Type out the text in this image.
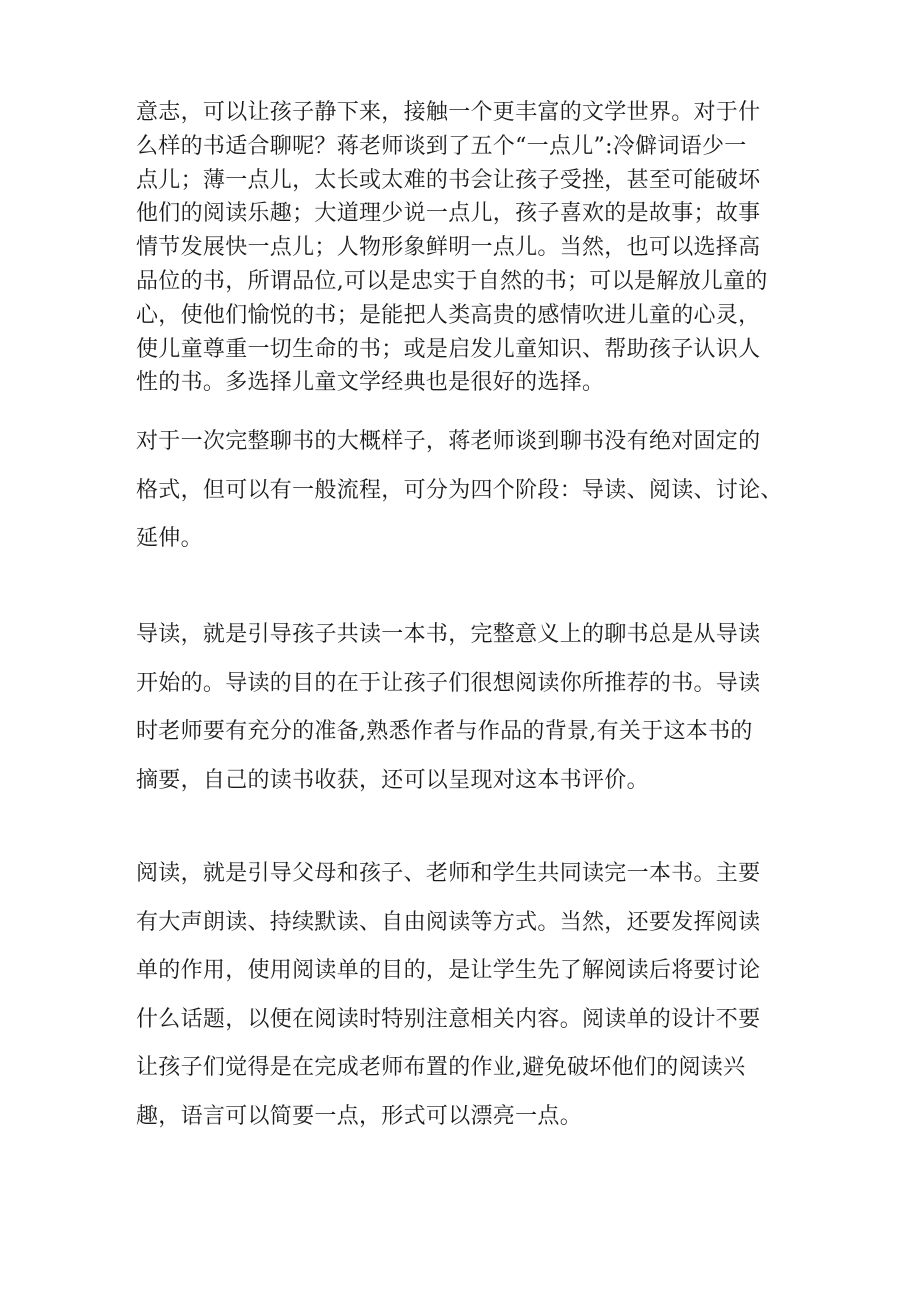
意志，可以让孩子静下来，接触一个更丰富的文学世界。对于什
么样的书适合聊呢？蒋老师谈到了五个“一点儿”:冷僻词语少一
点儿；薄一点儿，太长或太难的书会让孩子受挫，甚至可能破坏
他们的阅读乐趣；大道理少说一点儿，孩子喜欢的是故事；故事
情节发展快一点儿；人物形象鲜明一点儿。当然，也可以选择高
品位的书，所谓品位,可以是忠实于自然的书；可以是解放儿童的
心，使他们愉悦的书；是能把人类高贵的感情吹进儿童的心灵，
使儿童尊重一切生命的书；或是启发儿童知识、帮助孩子认识人
性的书。多选择儿童文学经典也是很好的选择。

对于一次完整聊书的大概样子，蒋老师谈到聊书没有绝对固定的
格式，但可以有一般流程，可分为四个阶段：导读、阅读、讨论、
延伸。

导读，就是引导孩子共读一本书，完整意义上的聊书总是从导读
开始的。导读的目的在于让孩子们很想阅读你所推荐的书。导读
时老师要有充分的准备,熟悉作者与作品的背景,有关于这本书的
摘要，自己的读书收获，还可以呈现对这本书评价。

阅读，就是引导父母和孩子、老师和学生共同读完一本书。主要
有大声朗读、持续默读、自由阅读等方式。当然，还要发挥阅读
单的作用，使用阅读单的目的，是让学生先了解阅读后将要讨论
什么话题，以便在阅读时特别注意相关内容。阅读单的设计不要
让孩子们觉得是在完成老师布置的作业,避免破坏他们的阅读兴
趣，语言可以简要一点，形式可以漂亮一点。
